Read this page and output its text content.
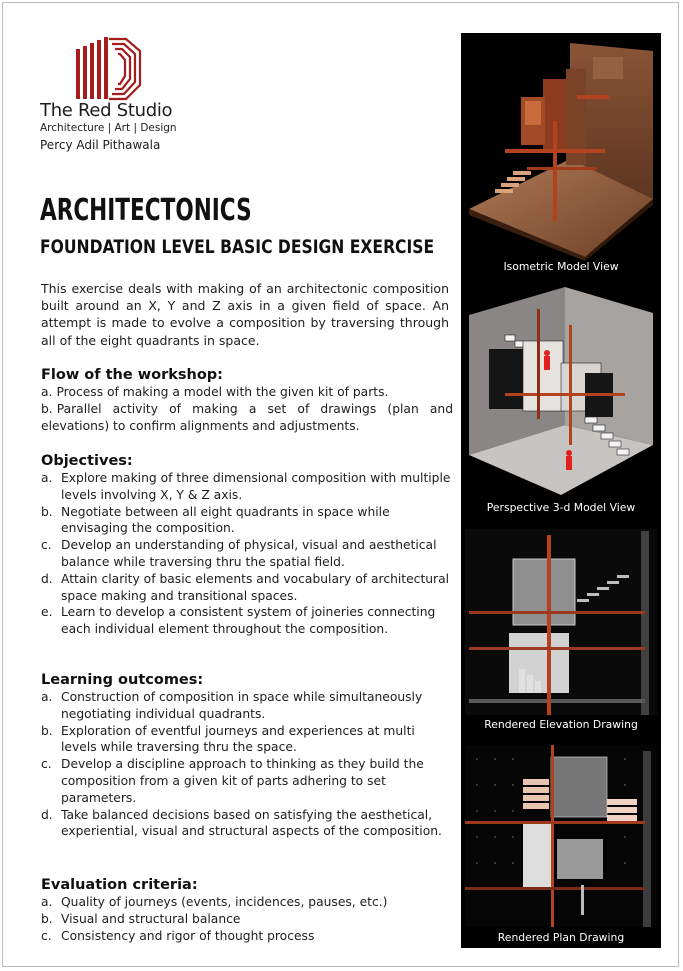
The Red Studio
Architecture | Art | Design
Percy Adil Pithawala
ARCHITECTONICS
FOUNDATION LEVEL BASIC DESIGN EXERCISE
This exercise deals with making of an architectonic composition built around an X, Y and Z axis in a given field of space. An attempt is made to evolve a composition by traversing through all of the eight quadrants in space.
Flow of the workshop:
a. Process of making a model with the given kit of parts.
b. Parallel activity of making a set of drawings (plan and elevations) to confirm alignments and adjustments.
Objectives:
a. Explore making of three dimensional composition with multiple levels involving X, Y & Z axis.
b. Negotiate between all eight quadrants in space while envisaging the composition.
c. Develop an understanding of physical, visual and aesthetical balance while traversing thru the spatial field.
d. Attain clarity of basic elements and vocabulary of architectural space making and transitional spaces.
e. Learn to develop a consistent system of joineries connecting each individual element throughout the composition.
Learning outcomes:
a. Construction of composition in space while simultaneously negotiating individual quadrants.
b. Exploration of eventful journeys and experiences at multi levels while traversing thru the space.
c. Develop a discipline approach to thinking as they build the composition from a given kit of parts adhering to set parameters.
d. Take balanced decisions based on satisfying the aesthetical, experiential, visual and structural aspects of the composition.
Evaluation criteria:
a. Quality of journeys (events, incidences, pauses, etc.)
b. Visual and structural balance
c. Consistency and rigor of thought process
Isometric Model View
Perspective 3-d Model View
Rendered Elevation Drawing
Rendered Plan Drawing
